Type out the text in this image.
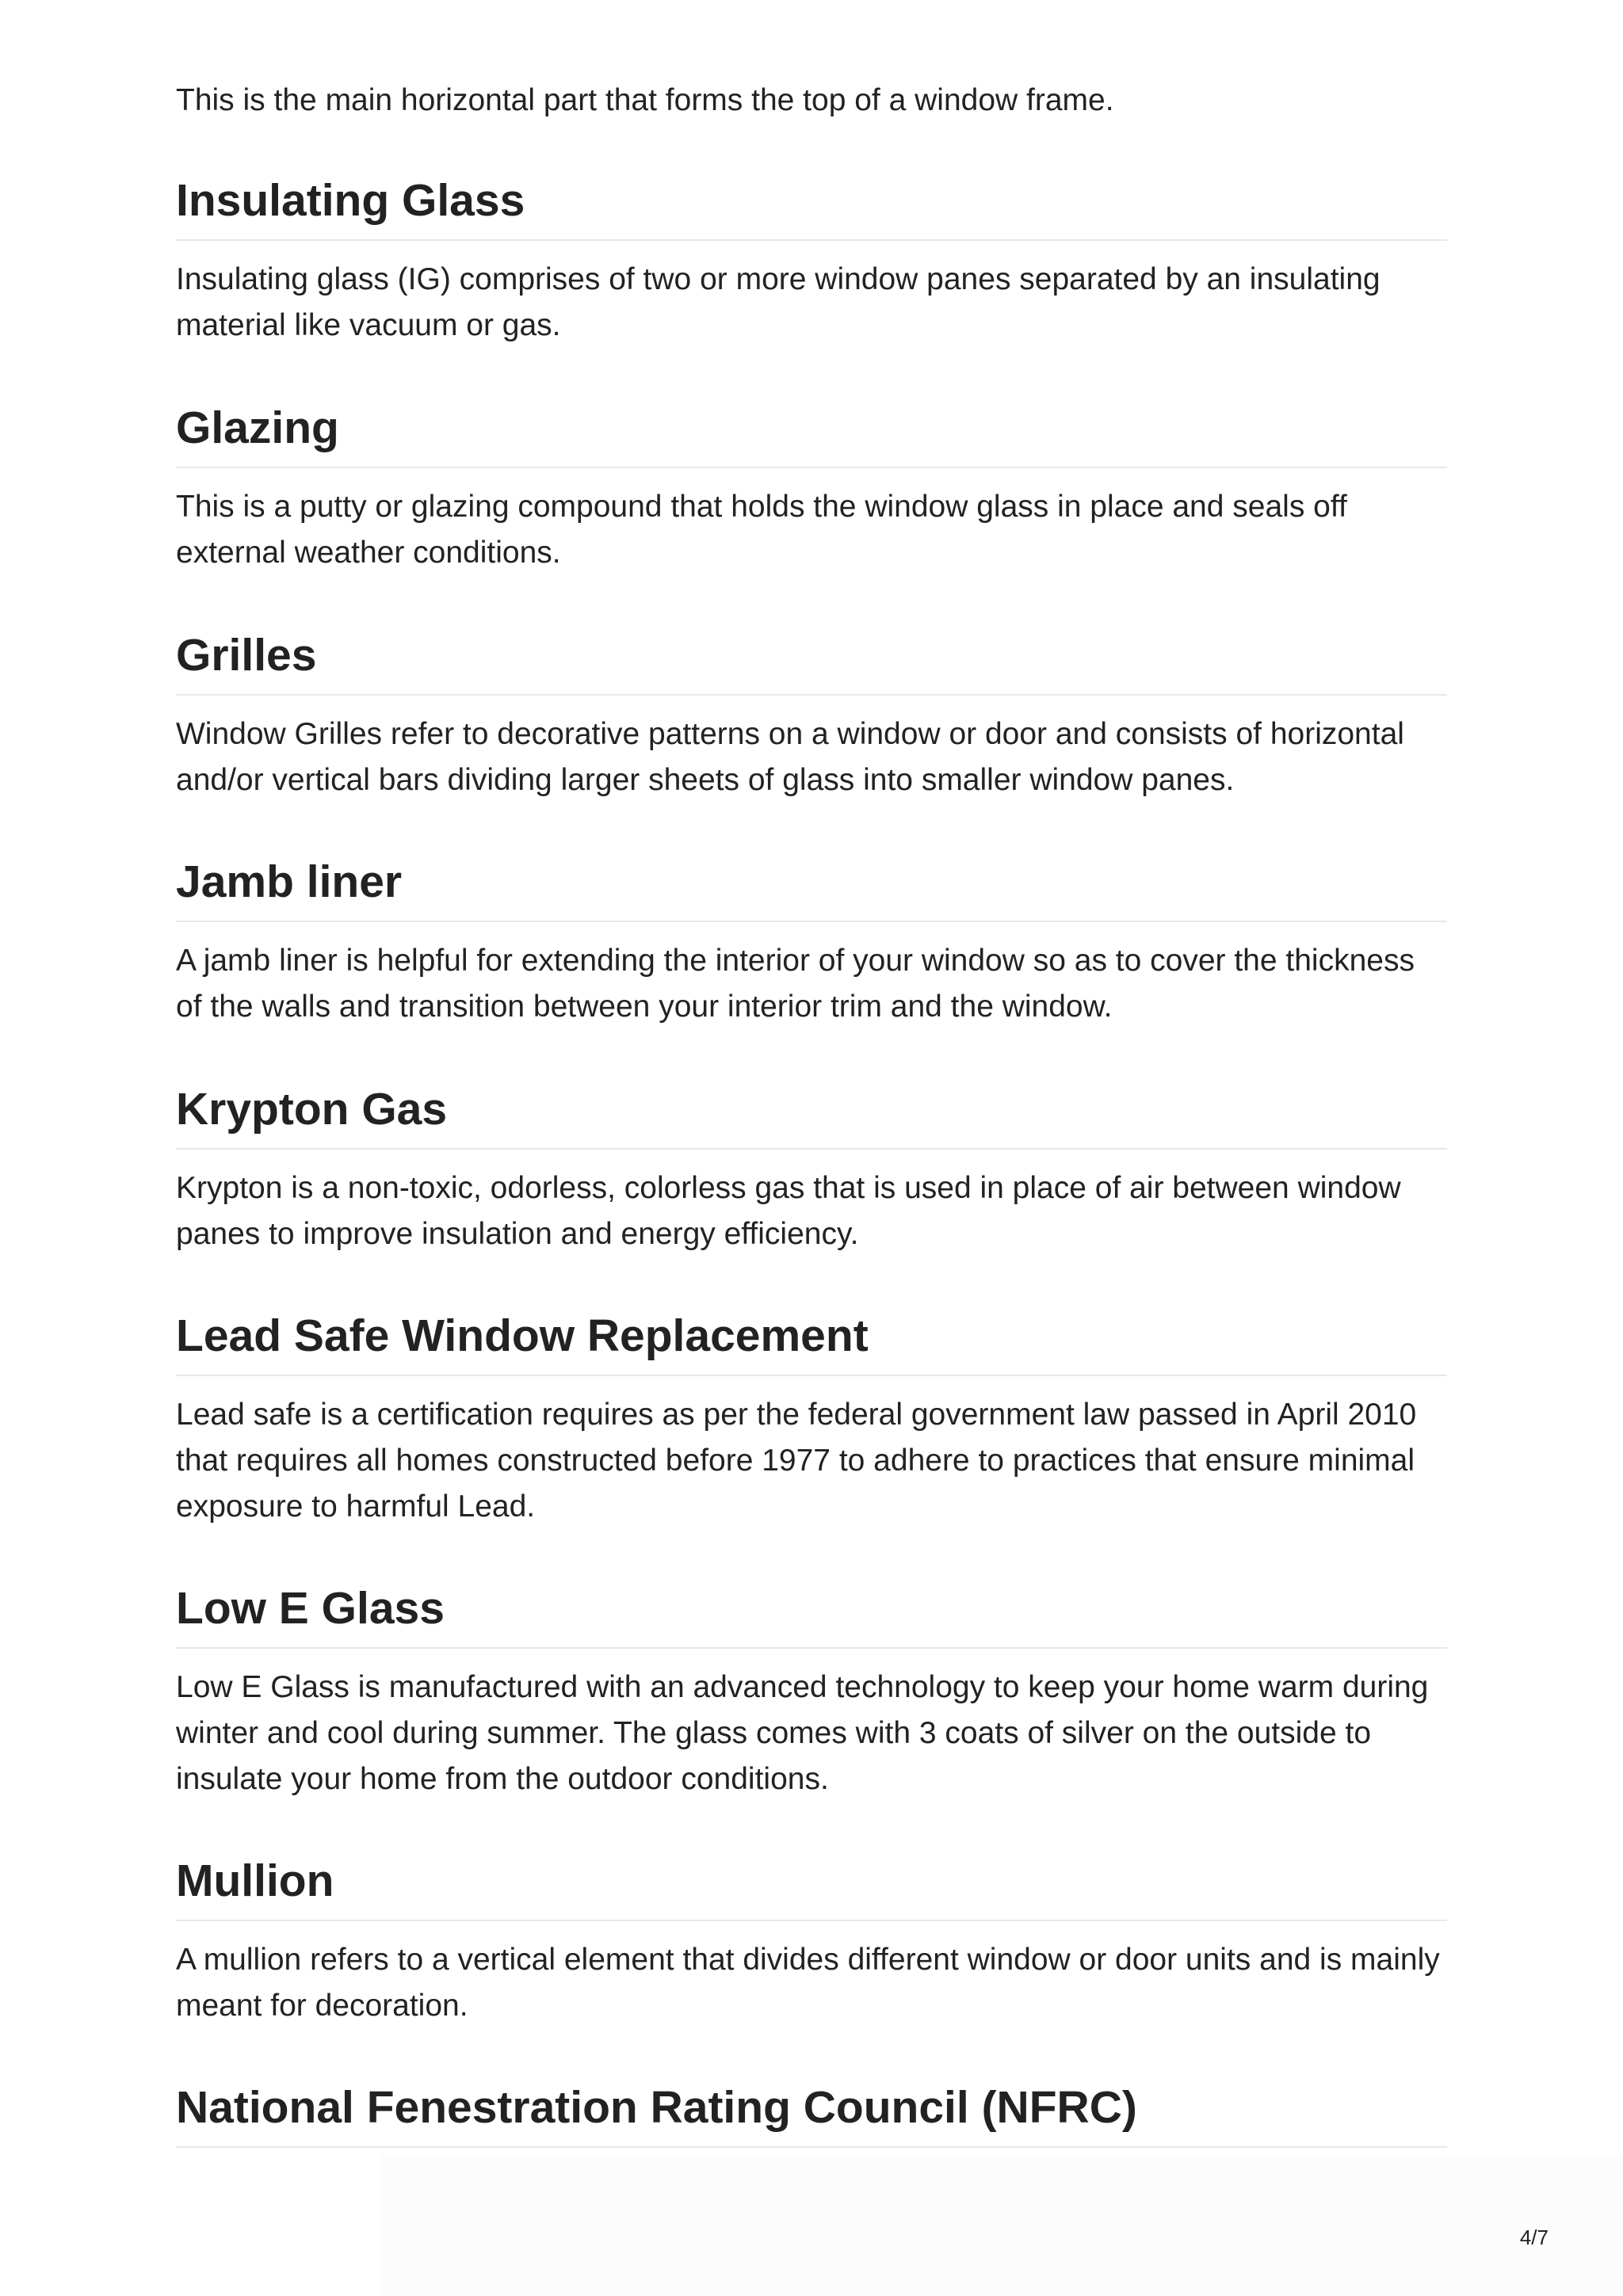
This is the main horizontal part that forms the top of a window frame.

Insulating Glass

Insulating glass (IG) comprises of two or more window panes separated by an insulating material like vacuum or gas.

Glazing

This is a putty or glazing compound that holds the window glass in place and seals off external weather conditions.

Grilles

Window Grilles refer to decorative patterns on a window or door and consists of horizontal and/or vertical bars dividing larger sheets of glass into smaller window panes.

Jamb liner

A jamb liner is helpful for extending the interior of your window so as to cover the thickness of the walls and transition between your interior trim and the window.

Krypton Gas

Krypton is a non-toxic, odorless, colorless gas that is used in place of air between window panes to improve insulation and energy efficiency.

Lead Safe Window Replacement

Lead safe is a certification requires as per the federal government law passed in April 2010 that requires all homes constructed before 1977 to adhere to practices that ensure minimal exposure to harmful Lead.

Low E Glass

Low E Glass is manufactured with an advanced technology to keep your home warm during winter and cool during summer. The glass comes with 3 coats of silver on the outside to insulate your home from the outdoor conditions.

Mullion

A mullion refers to a vertical element that divides different window or door units and is mainly meant for decoration.

National Fenestration Rating Council (NFRC)
4/7
